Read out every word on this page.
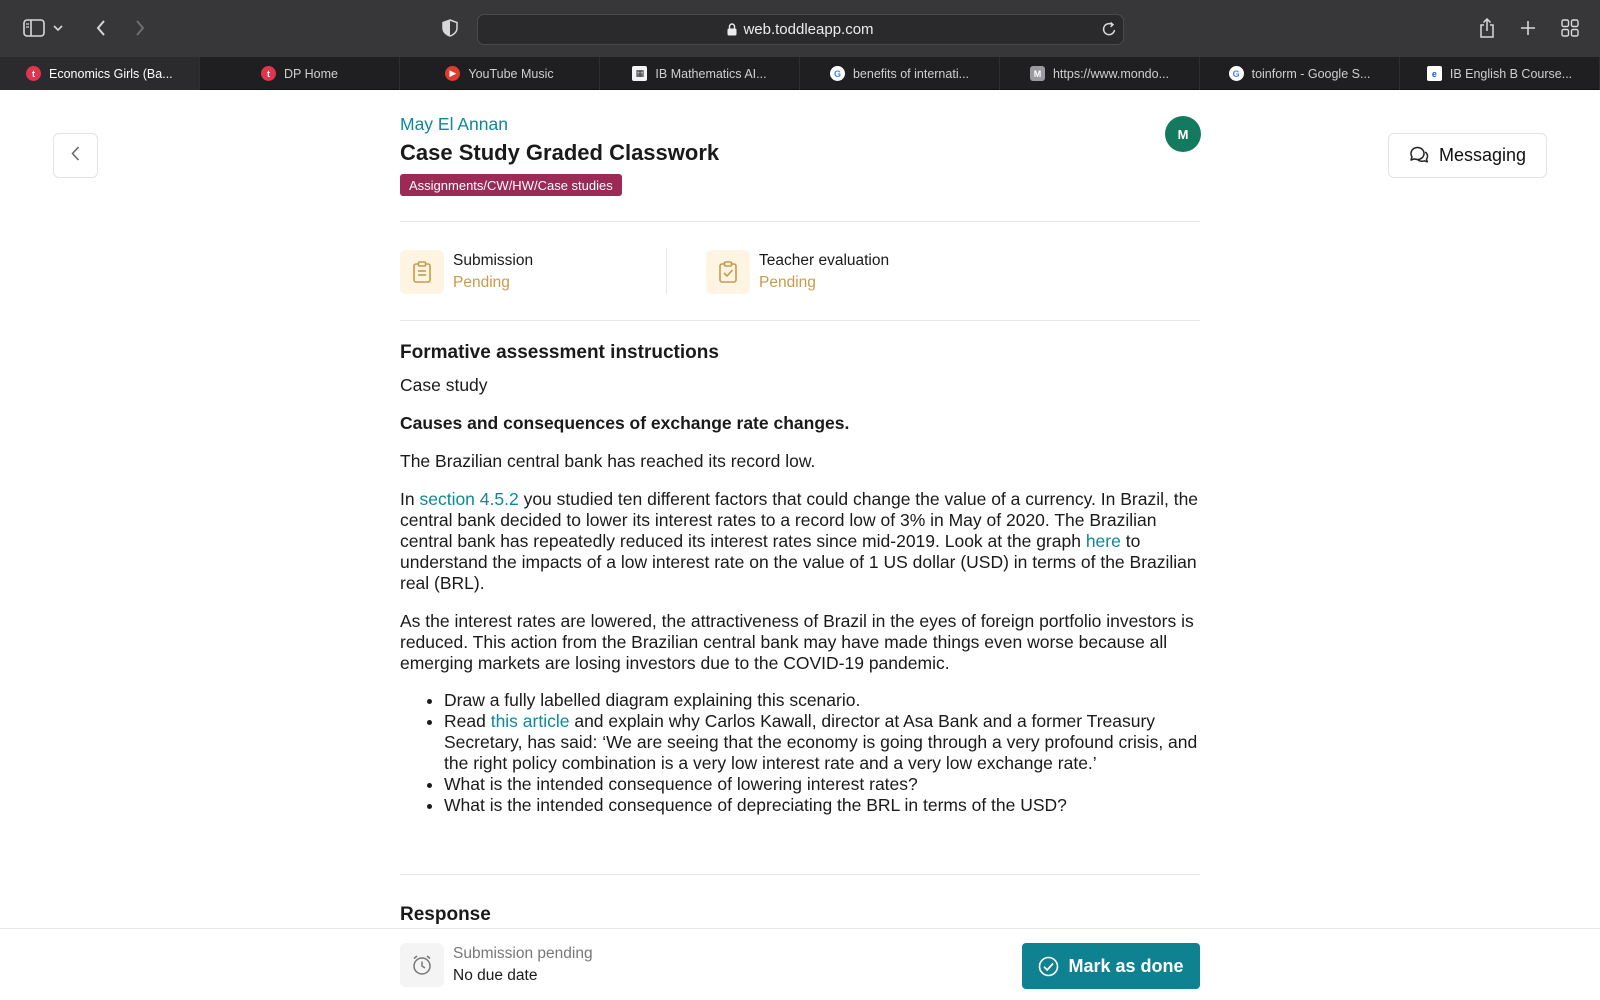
web.toddleapp.com
t	Economics Girls (Ba...	t	DP Home	▶ YouTube Music	▦ IB Mathematics AI...	G benefits of internati...	M https://www.mondo...	G toinform - Google S...	e	IB English B Course...
Messaging
May El Annan
Case Study Graded Classwork
Assignments/CW/HW/Case studies
M
Submission
Pending
Teacher evaluation
Pending
Formative assessment instructions

Case study

Causes and consequences of exchange rate changes.

The Brazilian central bank has reached its record low.

In section 4.5.2 you studied ten different factors that could change the value of a currency. In Brazil, the central bank decided to lower its interest rates to a record low of 3% in May of 2020. The Brazilian central bank has repeatedly reduced its interest rates since mid-2019. Look at the graph here to understand the impacts of a low interest rate on the value of 1 US dollar (USD) in terms of the Brazilian real (BRL).

As the interest rates are lowered, the attractiveness of Brazil in the eyes of foreign portfolio investors is reduced. This action from the Brazilian central bank may have made things even worse because all emerging markets are losing investors due to the COVID-19 pandemic.

• Draw a fully labelled diagram explaining this scenario.
• Read this article and explain why Carlos Kawall, director at Asa Bank and a former Treasury Secretary, has said: ‘We are seeing that the economy is going through a very profound crisis, and the right policy combination is a very low interest rate and a very low exchange rate.’
• What is the intended consequence of lowering interest rates?
• What is the intended consequence of depreciating the BRL in terms of the USD?
Response
Submission pending
No due date	Mark as done
